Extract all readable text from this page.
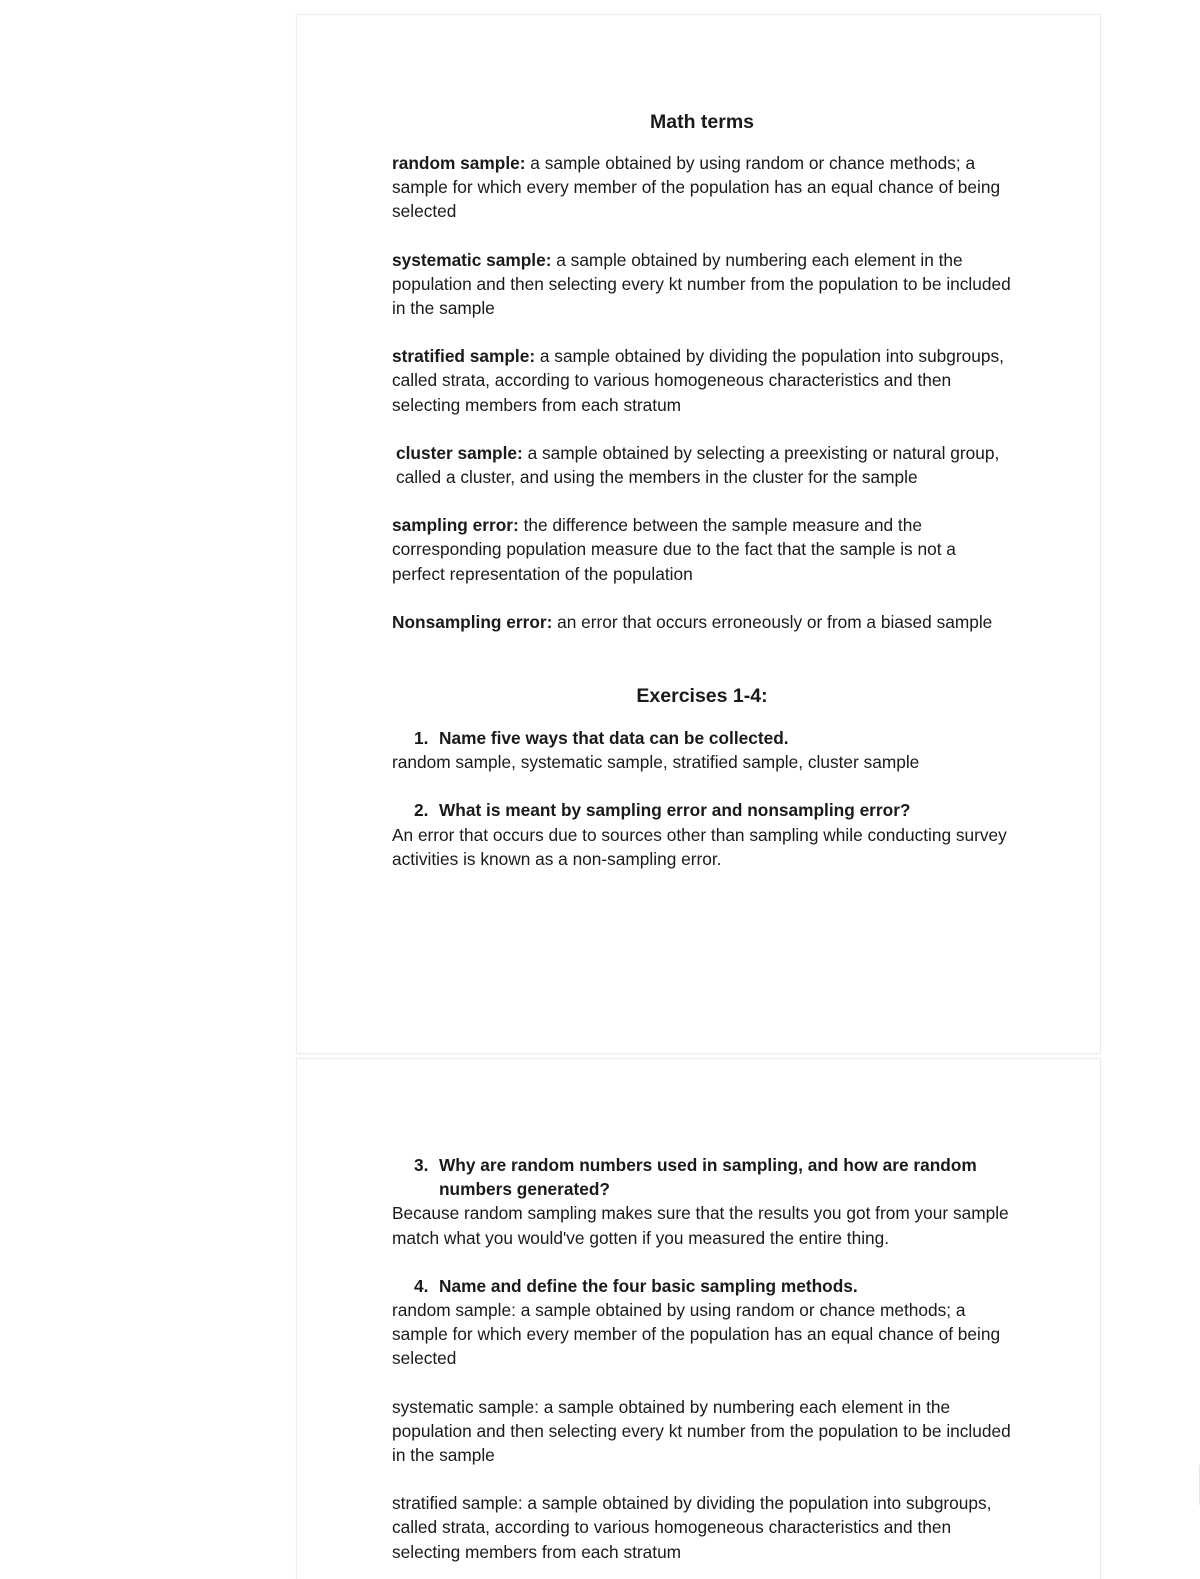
Math terms

random sample: a sample obtained by using random or chance methods; a sample for which every member of the population has an equal chance of being selected

systematic sample: a sample obtained by numbering each element in the population and then selecting every kt number from the population to be included in the sample

stratified sample: a sample obtained by dividing the population into subgroups, called strata, according to various homogeneous characteristics and then selecting members from each stratum

cluster sample: a sample obtained by selecting a preexisting or natural group, called a cluster, and using the members in the cluster for the sample

sampling error: the difference between the sample measure and the corresponding population measure due to the fact that the sample is not a perfect representation of the population

Nonsampling error: an error that occurs erroneously or from a biased sample

Exercises 1-4:
1. Name five ways that data can be collected.

random sample, systematic sample, stratified sample, cluster sample

2. What is meant by sampling error and nonsampling error?

An error that occurs due to sources other than sampling while conducting survey activities is known as a non-sampling error.

3. Why are random numbers used in sampling, and how are random numbers generated?

Because random sampling makes sure that the results you got from your sample match what you would've gotten if you measured the entire thing.

4. Name and define the four basic sampling methods.

random sample: a sample obtained by using random or chance methods; a sample for which every member of the population has an equal chance of being selected

systematic sample: a sample obtained by numbering each element in the population and then selecting every kt number from the population to be included in the sample

stratified sample: a sample obtained by dividing the population into subgroups, called strata, according to various homogeneous characteristics and then selecting members from each stratum
